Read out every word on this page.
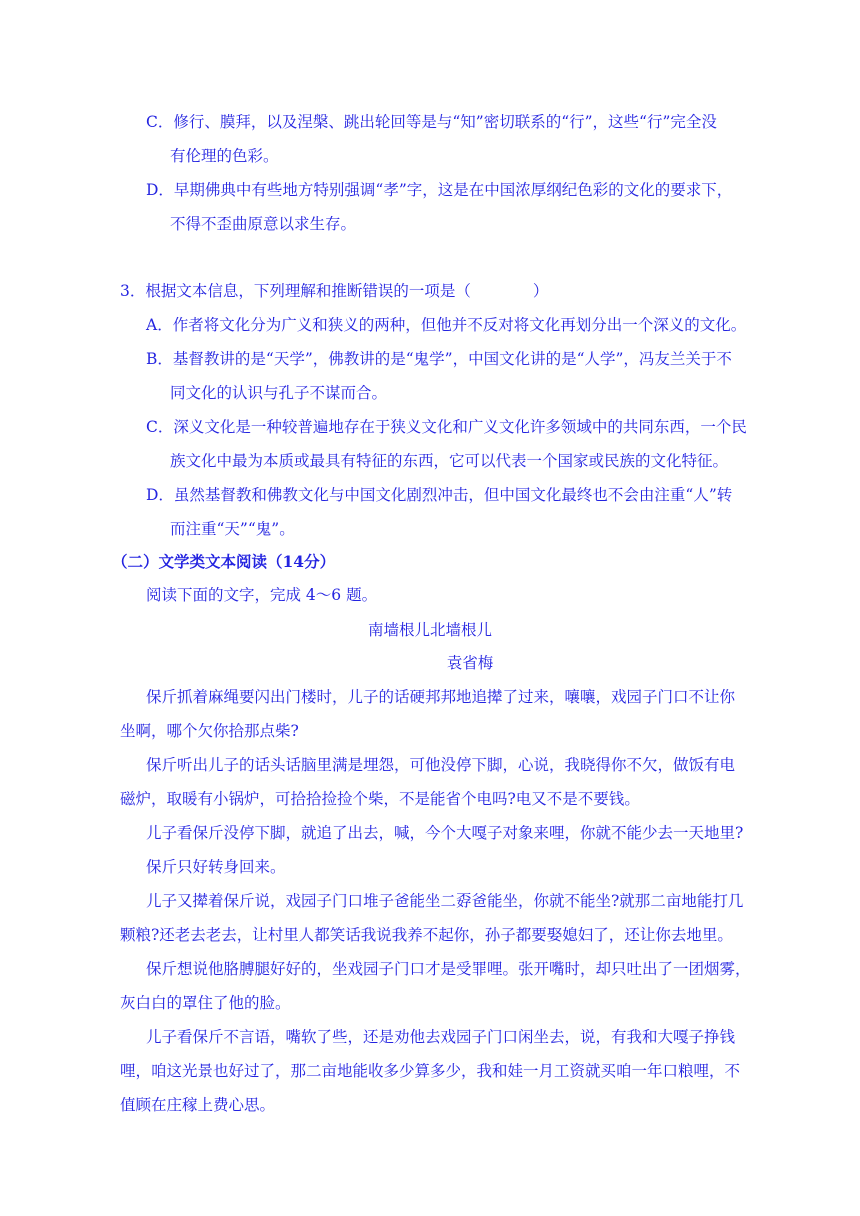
C．修行、膜拜，以及涅槃、跳出轮回等是与“知”密切联系的“行”，这些“行”完全没
有伦理的色彩。
D．早期佛典中有些地方特别强调“孝”字，这是在中国浓厚纲纪色彩的文化的要求下，
不得不歪曲原意以求生存。
3．根据文本信息，下列理解和推断错误的一项是（　　　　）
A．作者将文化分为广义和狭义的两种，但他并不反对将文化再划分出一个深义的文化。
B．基督教讲的是“天学”，佛教讲的是“鬼学”，中国文化讲的是“人学”，冯友兰关于不
同文化的认识与孔子不谋而合。
C．深义文化是一种较普遍地存在于狭义文化和广义文化许多领域中的共同东西，一个民
族文化中最为本质或最具有特征的东西，它可以代表一个国家或民族的文化特征。
D．虽然基督教和佛教文化与中国文化剧烈冲击，但中国文化最终也不会由注重“人”转
而注重“天”“鬼”。
（二）文学类文本阅读（14分）
阅读下面的文字，完成 4～6 题。
南墙根儿北墙根儿
袁省梅
保斤抓着麻绳要闪出门楼时，儿子的话硬邦邦地追撵了过来，嚷嚷，戏园子门口不让你
坐啊，哪个欠你拾那点柴?
保斤听出儿子的话头话脑里满是埋怨，可他没停下脚，心说，我晓得你不欠，做饭有电
磁炉，取暖有小锅炉，可拾拾捡捡个柴，不是能省个电吗?电又不是不要钱。
儿子看保斤没停下脚，就追了出去，喊，今个大嘎子对象来哩，你就不能少去一天地里?
保斤只好转身回来。
儿子又撵着保斤说，戏园子门口堆子爸能坐二孬爸能坐，你就不能坐?就那二亩地能打几
颗粮?还老去老去，让村里人都笑话我说我养不起你，孙子都要娶媳妇了，还让你去地里。
保斤想说他胳膊腿好好的，坐戏园子门口才是受罪哩。张开嘴时，却只吐出了一团烟雾，
灰白白的罩住了他的脸。
儿子看保斤不言语，嘴软了些，还是劝他去戏园子门口闲坐去，说，有我和大嘎子挣钱
哩，咱这光景也好过了，那二亩地能收多少算多少，我和娃一月工资就买咱一年口粮哩，不
值顾在庄稼上费心思。
